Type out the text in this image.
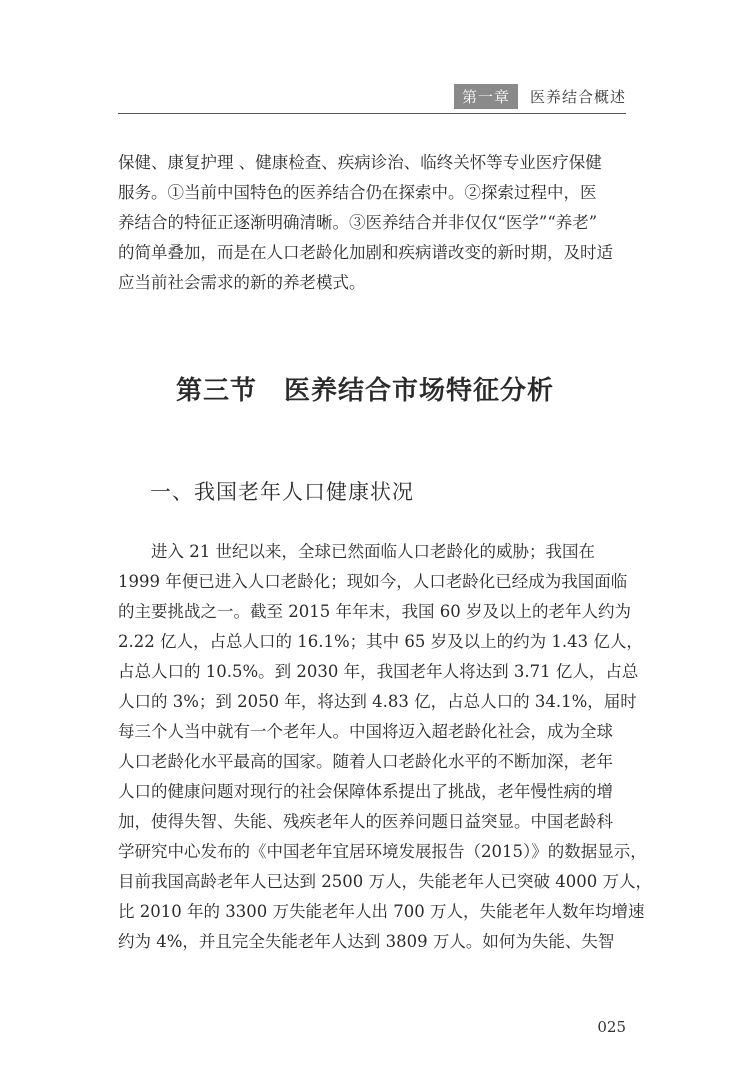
第一章	医养结合概述

保健、康复护理 、健康检查、疾病诊治、临终关怀等专业医疗保健
服务。①当前中国特色的医养结合仍在探索中。②探索过程中，医
养结合的特征正逐渐明确清晰。③医养结合并非仅仅“医学”“养老”
的简单叠加，而是在人口老龄化加剧和疾病谱改变的新时期，及时适
应当前社会需求的新的养老模式。

第三节　医养结合市场特征分析
一、我国老年人口健康状况

　　进入 21 世纪以来，全球已然面临人口老龄化的威胁；我国在
1999 年便已进入人口老龄化；现如今，人口老龄化已经成为我国面临
的主要挑战之一。截至 2015 年年末，我国 60 岁及以上的老年人约为
2.22 亿人，占总人口的 16.1%；其中 65 岁及以上的约为 1.43 亿人，
占总人口的 10.5%。到 2030 年，我国老年人将达到 3.71 亿人，占总
人口的 3%；到 2050 年，将达到 4.83 亿，占总人口的 34.1%，届时
每三个人当中就有一个老年人。中国将迈入超老龄化社会，成为全球
人口老龄化水平最高的国家。随着人口老龄化水平的不断加深，老年
人口的健康问题对现行的社会保障体系提出了挑战，老年慢性病的增
加，使得失智、失能、残疾老年人的医养问题日益突显。中国老龄科
学研究中心发布的《中国老年宜居环境发展报告（2015）》的数据显示，
目前我国高龄老年人已达到 2500 万人，失能老年人已突破 4000 万人，
比 2010 年的 3300 万失能老年人出 700 万人，失能老年人数年均增速
约为 4%，并且完全失能老年人达到 3809 万人。如何为失能、失智

025
